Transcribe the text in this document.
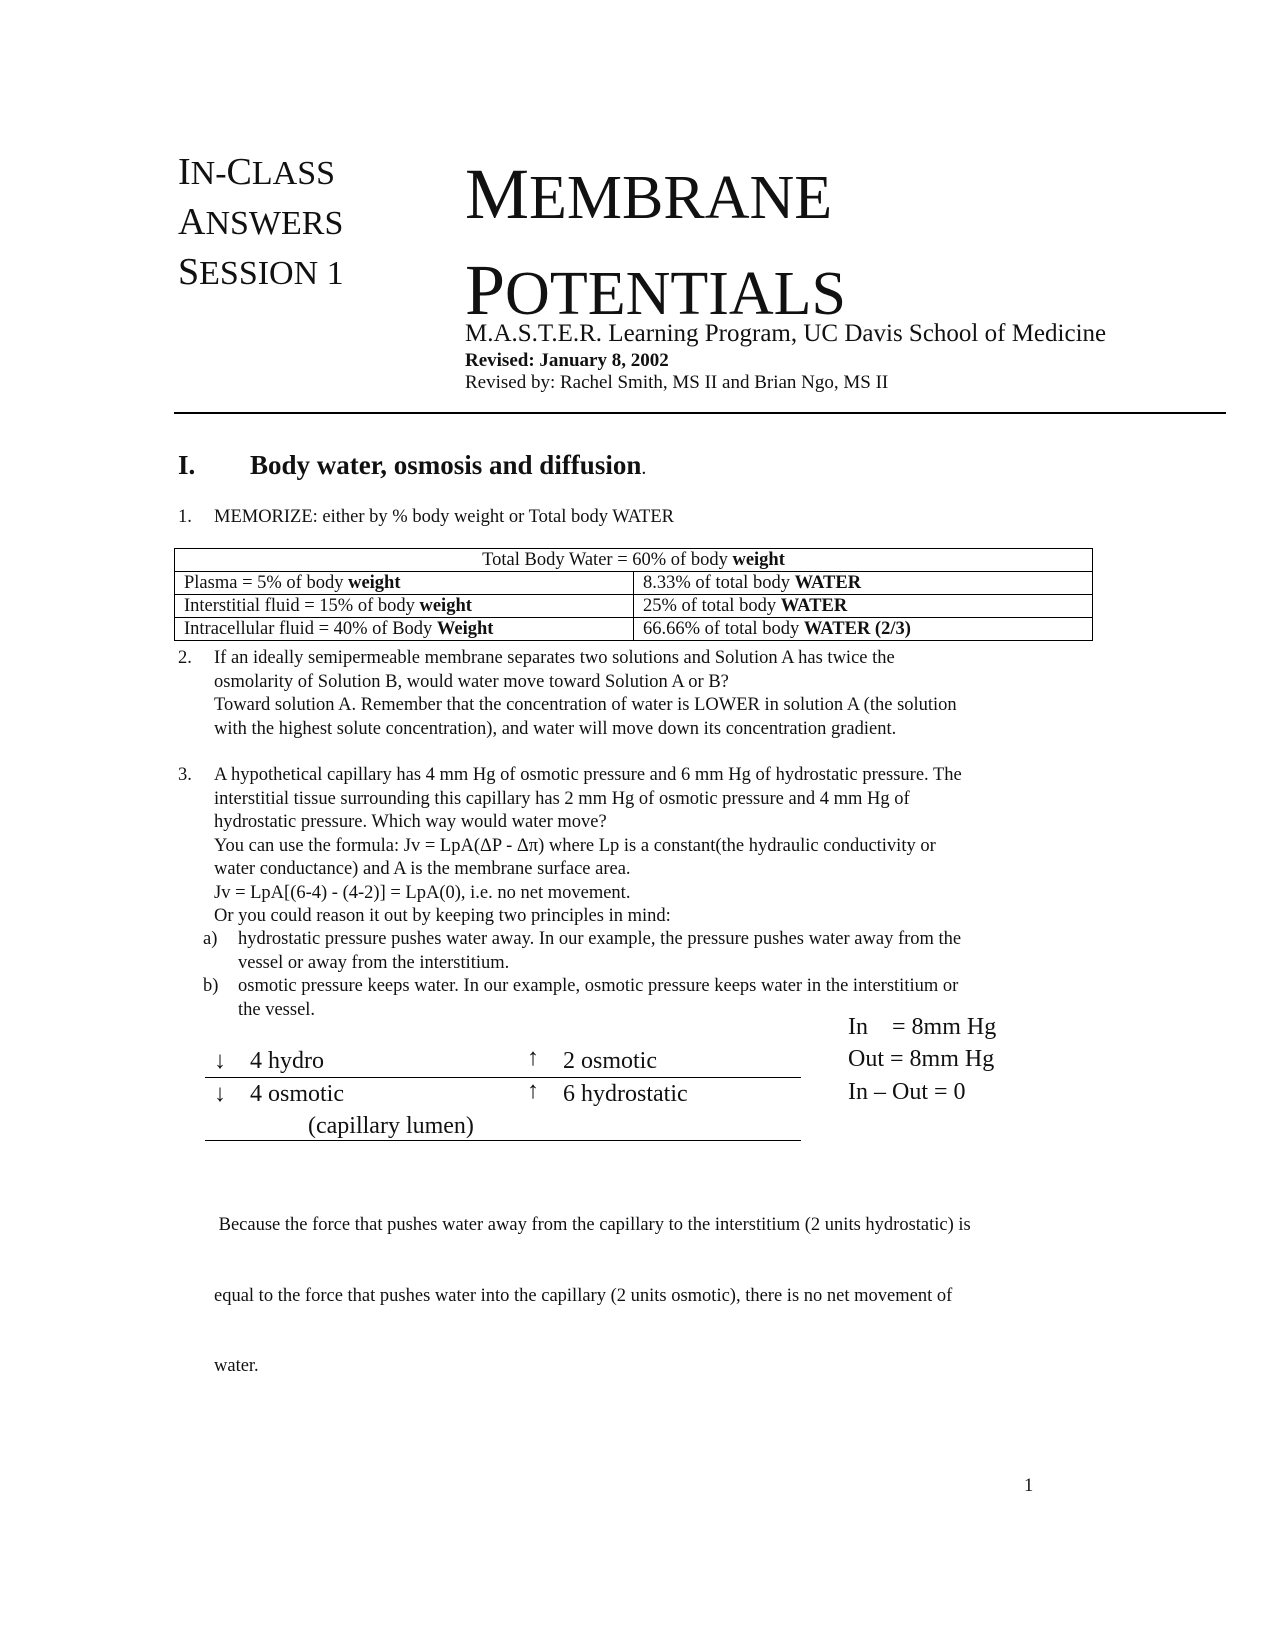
IN-CLASS
ANSWERS
SESSION 1
MEMBRANE
POTENTIALS
M.A.S.T.E.R. Learning Program, UC Davis School of Medicine
Revised: January 8, 2002
Revised by: Rachel Smith, MS II and Brian Ngo, MS II
I. Body water, osmosis and diffusion.
1. MEMORIZE: either by % body weight or Total body WATER
Total Body Water = 60% of body weight	
Plasma = 5% of body weight	8.33% of total body WATER
Interstitial fluid = 15% of body weight	25% of total body WATER
Intracellular fluid = 40% of Body Weight	66.66% of total body WATER (2/3)
2. If an ideally semipermeable membrane separates two solutions and Solution A has twice the
osmolarity of Solution B, would water move toward Solution A or B?
Toward solution A. Remember that the concentration of water is LOWER in solution A (the solution
with the highest solute concentration), and water will move down its concentration gradient.
3. A hypothetical capillary has 4 mm Hg of osmotic pressure and 6 mm Hg of hydrostatic pressure. The
interstitial tissue surrounding this capillary has 2 mm Hg of osmotic pressure and 4 mm Hg of
hydrostatic pressure. Which way would water move?
You can use the formula: Jv = LpA(ΔP - Δπ) where Lp is a constant(the hydraulic conductivity or
water conductance) and A is the membrane surface area.
Jv = LpA[(6-4) - (4-2)] = LpA(0), i.e. no net movement.
Or you could reason it out by keeping two principles in mind:
a) hydrostatic pressure pushes water away. In our example, the pressure pushes water away from the
vessel or away from the interstitium.
b) osmotic pressure keeps water. In our example, osmotic pressure keeps water in the interstitium or
the vessel.
↓ 4 hydro	↑ 2 osmotic
↓ 4 osmotic	↑ 6 hydrostatic
(capillary lumen)
In = 8mm Hg
Out = 8mm Hg
In – Out = 0

Because the force that pushes water away from the capillary to the interstitium (2 units hydrostatic) is

equal to the force that pushes water into the capillary (2 units osmotic), there is no net movement of

water.

1
